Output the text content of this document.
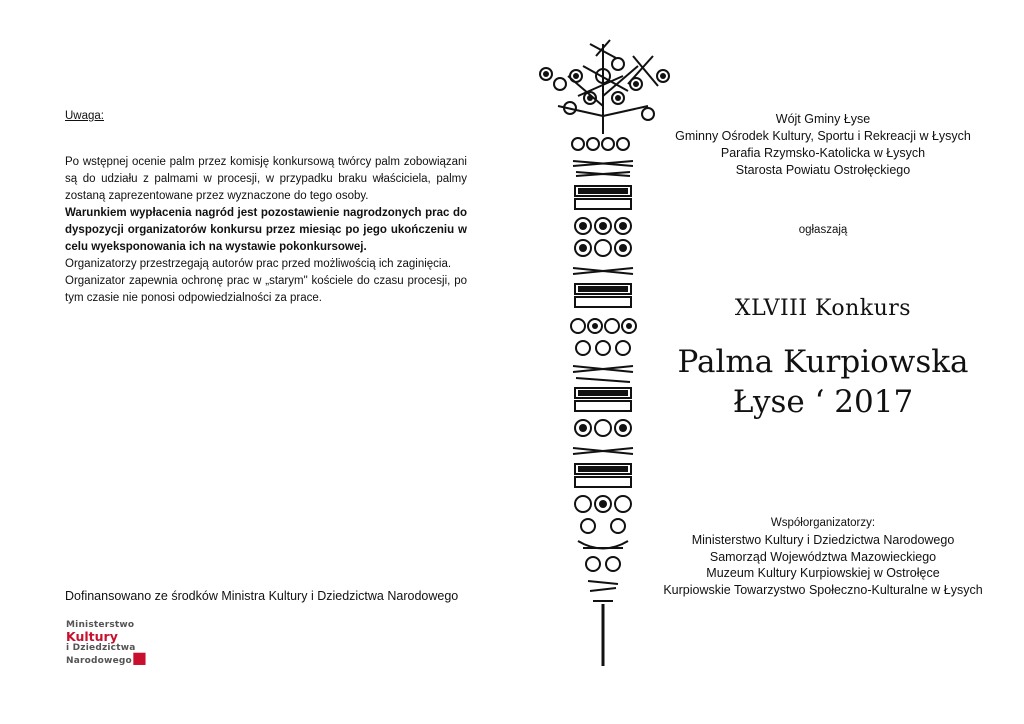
Uwaga:

Po wstępnej ocenie palm przez komisję konkursową twórcy palm zobowiązani są do udziału z palmami w procesji, w przypadku braku właściciela, palmy zostaną zaprezentowane przez wyznaczone do tego osoby.

Warunkiem wypłacenia nagród jest pozostawienie nagrodzonych prac do dyspozycji organizatorów konkursu przez miesiąc po jego ukończeniu w celu wyeksponowania ich na wystawie pokonkursowej.

Organizatorzy przestrzegają autorów prac przed możliwością ich zaginięcia.

Organizator zapewnia ochronę prac w „starym" kościele do czasu procesji, po tym czasie nie ponosi odpowiedzialności za prace.

Dofinansowano ze środków Ministra Kultury i Dziedzictwa Narodowego
Ministerstwo
Kultury
i Dziedzictwa
Narodowego■
Wójt Gminy Łyse
Gminny Ośrodek Kultury, Sportu i Rekreacji w Łysych
Parafia Rzymsko-Katolicka w Łysych
Starosta Powiatu Ostrołęckiego
ogłaszają
XLVIII Konkurs
Palma Kurpiowska
Łyse ‘ 2017
Współorganizatorzy:
Ministerstwo Kultury i Dziedzictwa Narodowego
Samorząd Województwa Mazowieckiego
Muzeum Kultury Kurpiowskiej w Ostrołęce
Kurpiowskie Towarzystwo Społeczno-Kulturalne w Łysych
